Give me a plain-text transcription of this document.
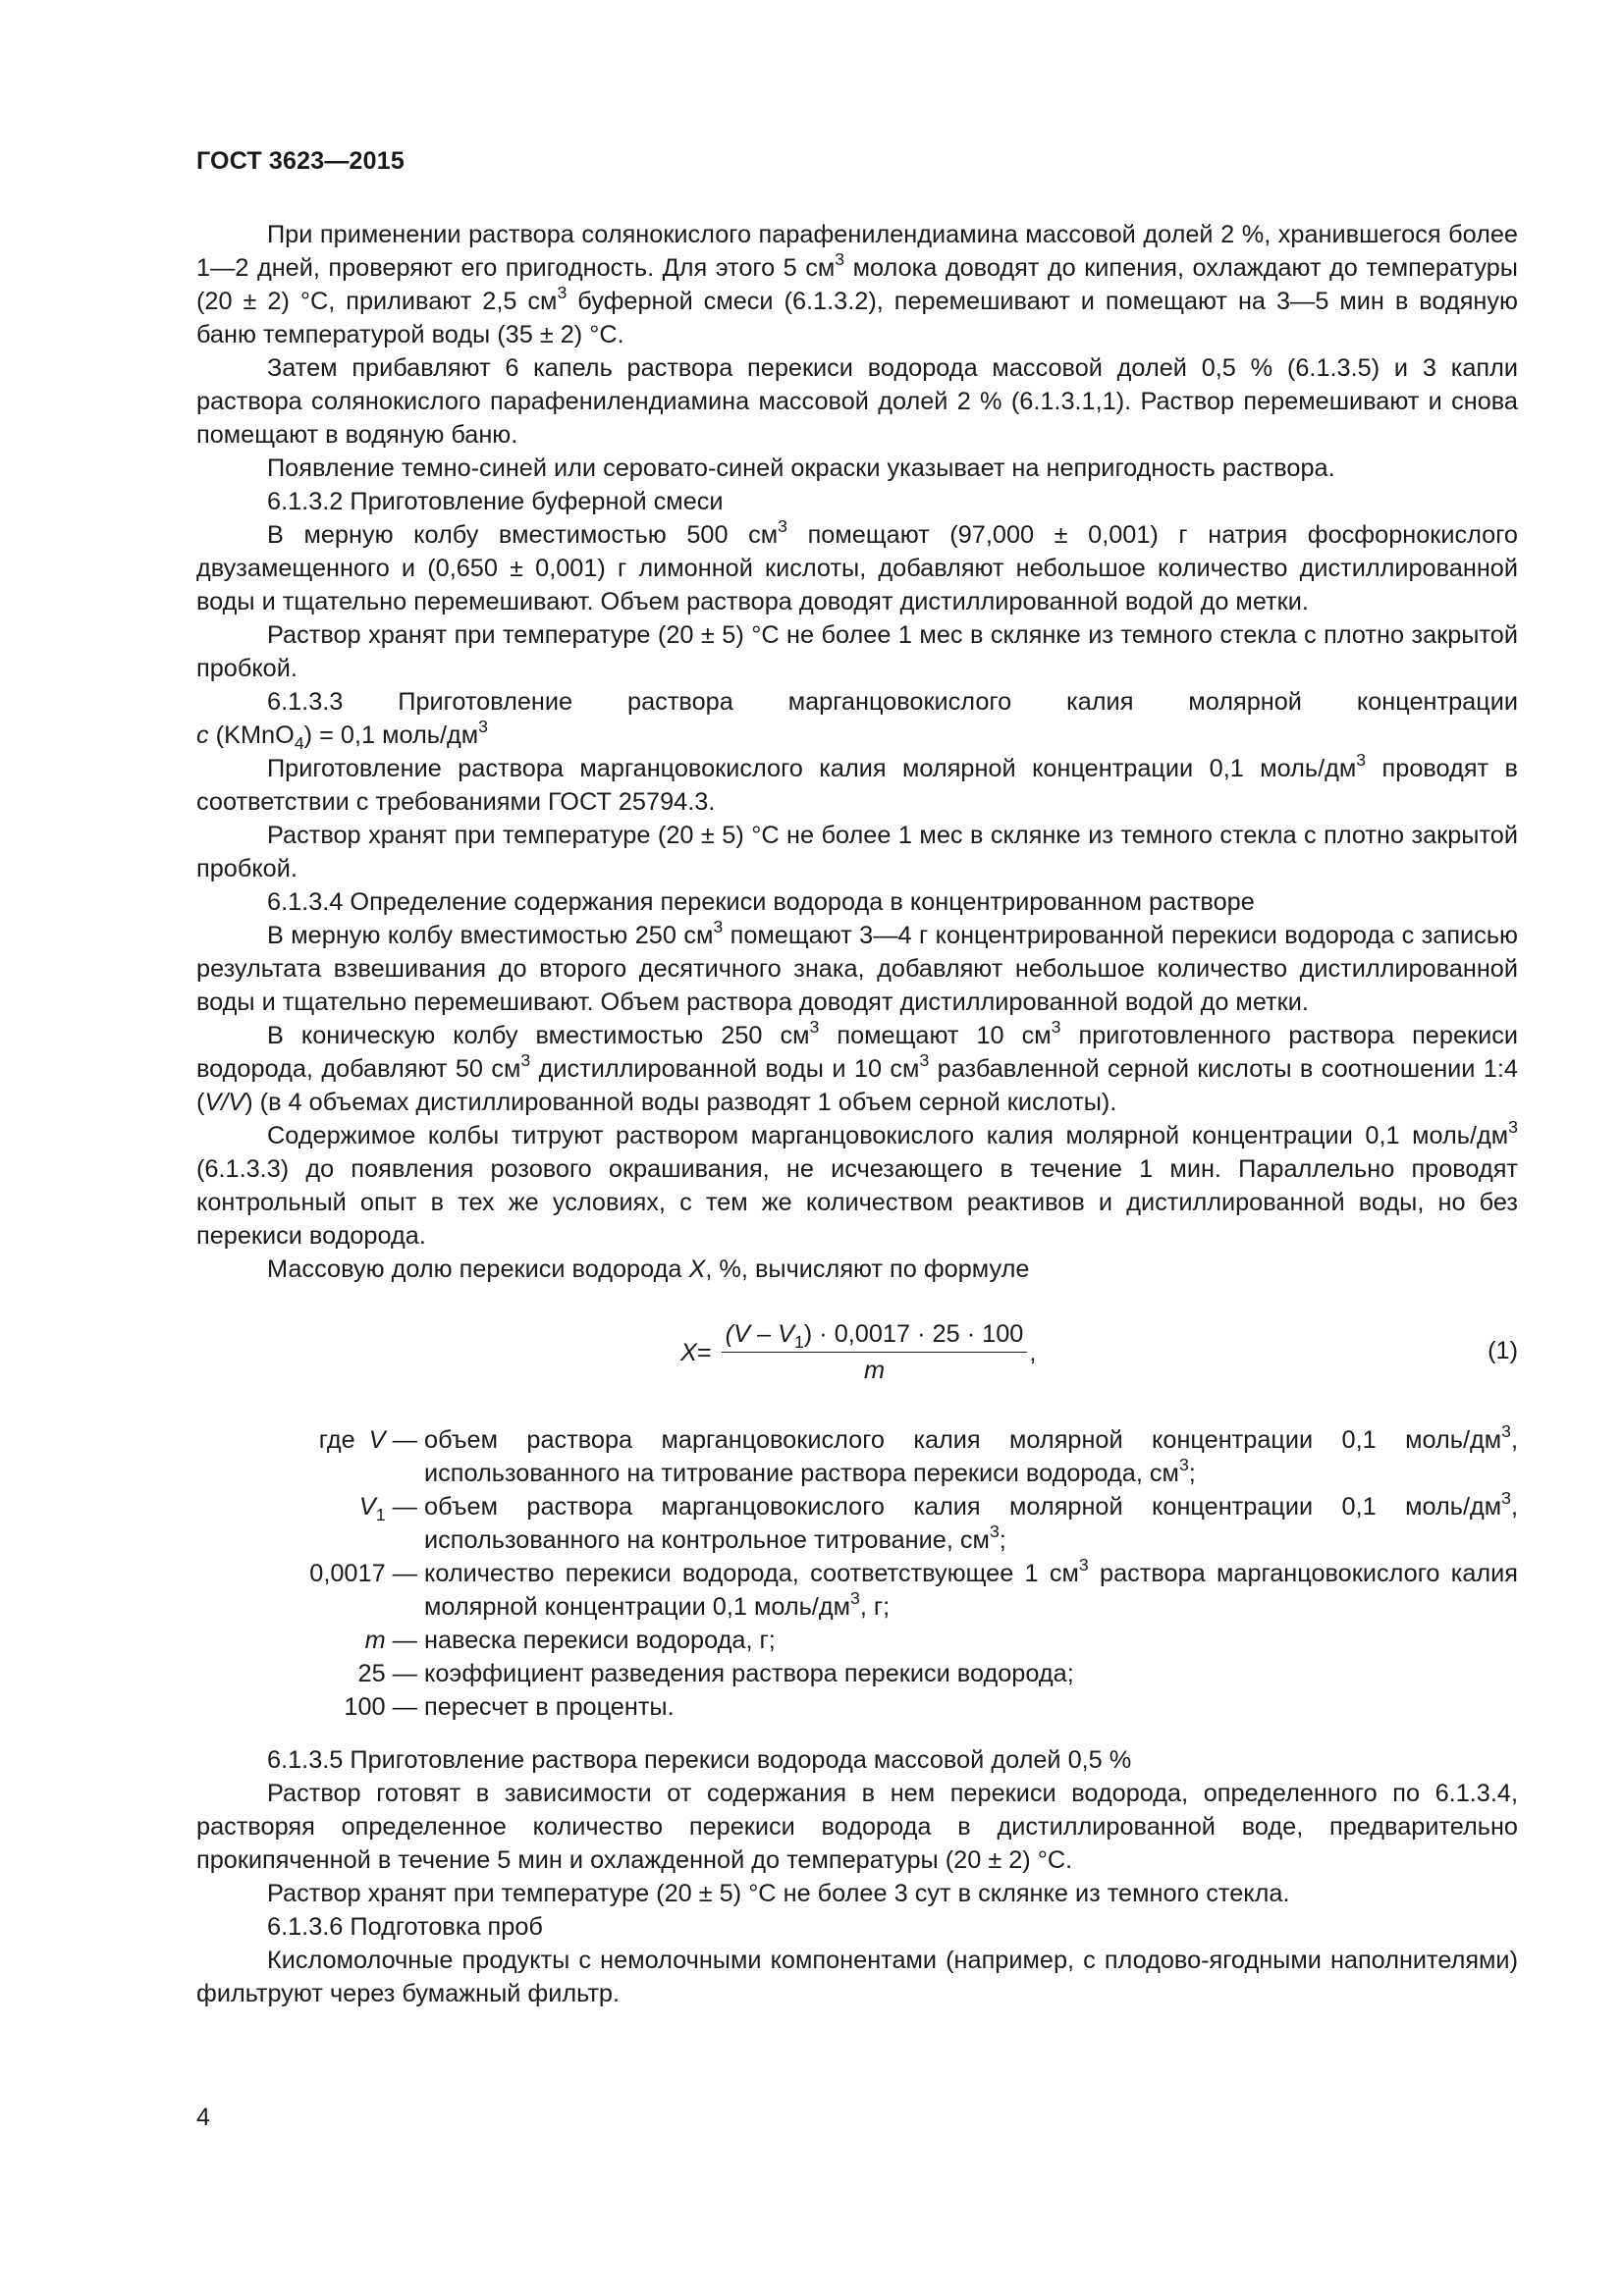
ГОСТ 3623—2015

При применении раствора солянокислого парафенилендиамина массовой долей 2 %, хранившегося более 1—2 дней, проверяют его пригодность. Для этого 5 $см^3$ молока доводят до кипения, охлаждают до температуры (20 ± 2) °С, приливают 2,5 $см^3$ буферной смеси (6.1.3.2), перемешивают и помещают на 3—5 мин в водяную баню температурой воды (35 ± 2) °С.

Затем прибавляют 6 капель раствора перекиси водорода массовой долей 0,5 % (6.1.3.5) и 3 капли раствора солянокислого парафенилендиамина массовой долей 2 % (6.1.3.1,1). Раствор перемешивают и снова помещают в водяную баню.

Появление темно-синей или серовато-синей окраски указывает на непригодность раствора.

6.1.3.2 Приготовление буферной смеси

В мерную колбу вместимостью 500 $см^3$ помещают (97,000 ± 0,001) г натрия фосфорнокислого двузамещенного и (0,650 ± 0,001) г лимонной кислоты, добавляют небольшое количество дистиллированной воды и тщательно перемешивают. Объем раствора доводят дистиллированной водой до метки.

Раствор хранят при температуре (20 ± 5) °С не более 1 мес в склянке из темного стекла с плотно закрытой пробкой.

6.1.3.3 Приготовление раствора марганцовокислого калия молярной концентрации

c (KMnO$_4$) = 0,1 моль/$дм^3$

Приготовление раствора марганцовокислого калия молярной концентрации 0,1 моль/$дм^3$ проводят в соответствии с требованиями ГОСТ 25794.3.

Раствор хранят при температуре (20 ± 5) °С не более 1 мес в склянке из темного стекла с плотно закрытой пробкой.

6.1.3.4 Определение содержания перекиси водорода в концентрированном растворе

В мерную колбу вместимостью 250 $см^3$ помещают 3—4 г концентрированной перекиси водорода с записью результата взвешивания до второго десятичного знака, добавляют небольшое количество дистиллированной воды и тщательно перемешивают. Объем раствора доводят дистиллированной водой до метки.

В коническую колбу вместимостью 250 $см^3$ помещают 10 $см^3$ приготовленного раствора перекиси водорода, добавляют 50 $см^3$ дистиллированной воды и 10 $см^3$ разбавленной серной кислоты в соотношении 1:4 (V/V) (в 4 объемах дистиллированной воды разводят 1 объем серной кислоты).

Содержимое колбы титруют раствором марганцовокислого калия молярной концентрации 0,1 моль/$дм^3$ (6.1.3.3) до появления розового окрашивания, не исчезающего в течение 1 мин. Параллельно проводят контрольный опыт в тех же условиях, с тем же количеством реактивов и дистиллированной воды, но без перекиси водорода.

Массовую долю перекиси водорода X, %, вычисляют по формуле

$X = \frac{(V - V_1) \cdot 0,0017 \cdot 25 \cdot 100}{m}$ ,	(1)
где  V — объем раствора марганцовокислого калия молярной концентрации 0,1 моль/$дм^3$, использованного на титрование раствора перекиси водорода, $см^3$;
$V_1$ — объем раствора марганцовокислого калия молярной концентрации 0,1 моль/$дм^3$, использованного на контрольное титрование, $см^3$;
0,0017 — количество перекиси водорода, соответствующее 1 $см^3$ раствора марганцовокислого калия молярной концентрации 0,1 моль/$дм^3$, г;
m — навеска перекиси водорода, г;
25 — коэффициент разведения раствора перекиси водорода;
100 — пересчет в проценты.

6.1.3.5 Приготовление раствора перекиси водорода массовой долей 0,5 %

Раствор готовят в зависимости от содержания в нем перекиси водорода, определенного по 6.1.3.4, растворяя определенное количество перекиси водорода в дистиллированной воде, предварительно прокипяченной в течение 5 мин и охлажденной до температуры (20 ± 2) °С.

Раствор хранят при температуре (20 ± 5) °С не более 3 сут в склянке из темного стекла.

6.1.3.6 Подготовка проб

Кисломолочные продукты с немолочными компонентами (например, с плодово-ягодными наполнителями) фильтруют через бумажный фильтр.

4
